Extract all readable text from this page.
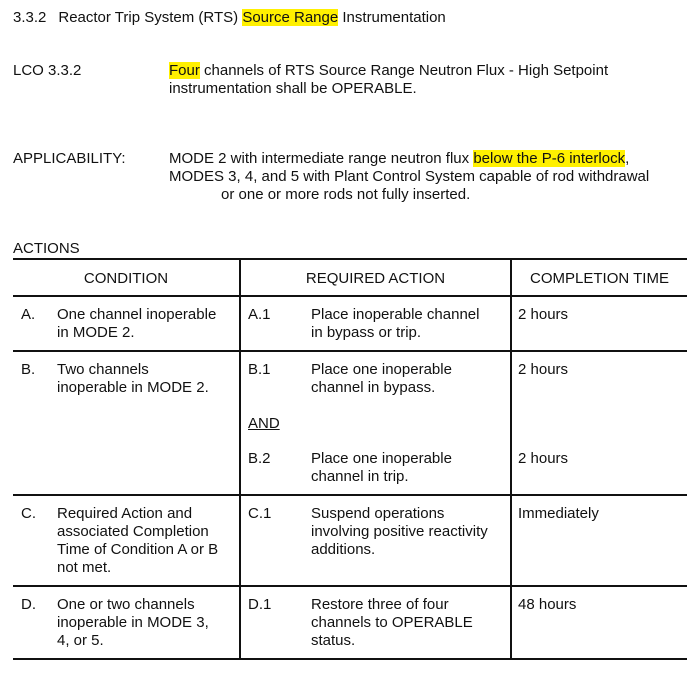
3.3.2 Reactor Trip System (RTS) Source Range Instrumentation
LCO 3.3.2	Four channels of RTS Source Range Neutron Flux - High Setpoint
instrumentation shall be OPERABLE.
APPLICABILITY:	MODE 2 with intermediate range neutron flux below the P-6 interlock,
MODES 3, 4, and 5 with Plant Control System capable of rod withdrawal
or one or more rods not fully inserted.
ACTIONS
CONDITION	REQUIRED ACTION	COMPLETION TIME
A. One channel inoperable
in MODE 2.
A.1	Place inoperable channel
in bypass or trip.
2 hours
B. Two channels
inoperable in MODE 2.
B.1	Place one inoperable
channel in bypass.
2 hours
AND
B.2	Place one inoperable
channel in trip.
2 hours
C. Required Action and
associated Completion
Time of Condition A or B
not met.
C.1	Suspend operations
involving positive reactivity
additions.
Immediately
D. One or two channels
inoperable in MODE 3,
4, or 5.
D.1	Restore three of four
channels to OPERABLE
status.
48 hours
